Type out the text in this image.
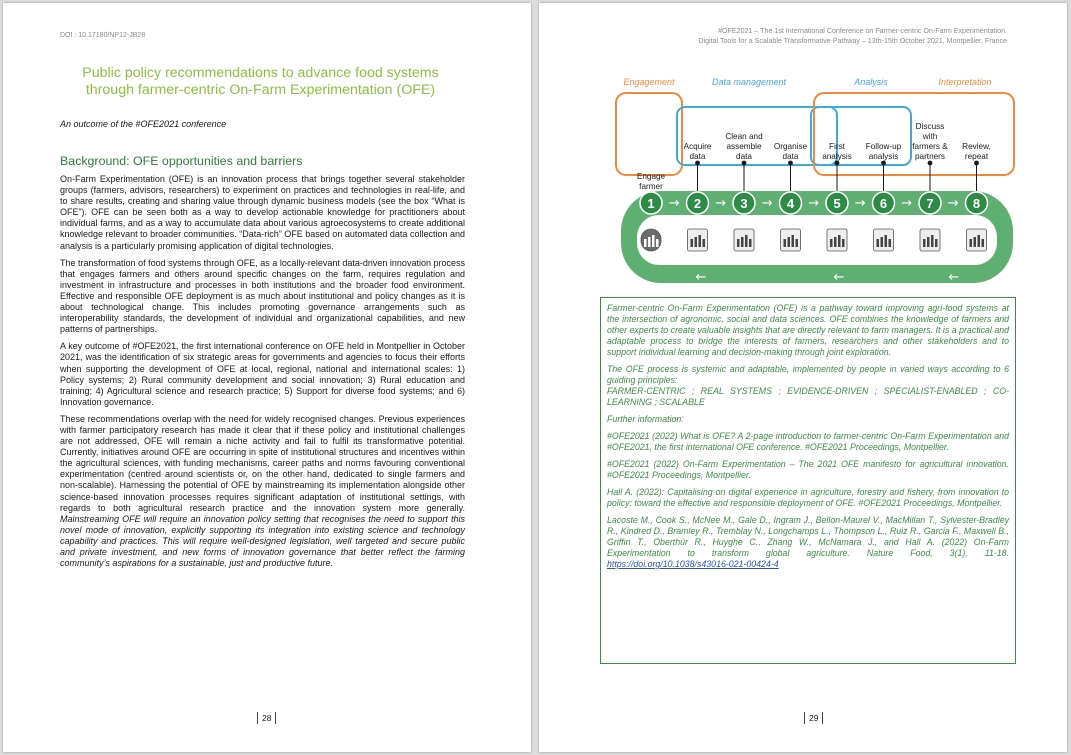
DOI : 10.17180/NP12-JB28
Public policy recommendations to advance food systems
through farmer-centric On-Farm Experimentation (OFE)
An outcome of the #OFE2021 conference
Background: OFE opportunities and barriers

On-Farm Experimentation (OFE) is an innovation process that brings together several stakeholder groups (farmers, advisors, researchers) to experiment on practices and technologies in real-life, and to share results, creating and sharing value through dynamic business models (see the box “What is OFE”). OFE can be seen both as a way to develop actionable knowledge for practitioners about individual farms, and as a way to accumulate data about various agroecosystems to create additional knowledge relevant to broader communities. “Data-rich” OFE based on automated data collection and analysis is a particularly promising application of digital technologies.

The transformation of food systems through OFE, as a locally-relevant data-driven innovation process that engages farmers and others around specific changes on the farm, requires regulation and investment in infrastructure and processes in both institutions and the broader food environment. Effective and responsible OFE deployment is as much about institutional and policy changes as it is about technological change. This includes promoting governance arrangements such as interoperability standards, the development of individual and organizational capabilities, and new patterns of partnerships.

A key outcome of #OFE2021, the first international conference on OFE held in Montpellier in October 2021, was the identification of six strategic areas for governments and agencies to focus their efforts when supporting the development of OFE at local, regional, national and international scales: 1) Policy systems; 2) Rural community development and social innovation; 3) Rural education and training; 4) Agricultural science and research practice; 5) Support for diverse food systems; and 6) Innovation governance.

These recommendations overlap with the need for widely recognised changes. Previous experiences with farmer participatory research has made it clear that if these policy and institutional challenges are not addressed, OFE will remain a niche activity and fail to fulfil its transformative potential. Currently, initiatives around OFE are occurring in spite of institutional structures and incentives within the agricultural sciences, with funding mechanisms, career paths and norms favouring conventional experimentation (centred around scientists or, on the other hand, dedicated to single farmers and non-scalable). Harnessing the potential of OFE by mainstreaming its implementation alongside other science-based innovation processes requires significant adaptation of institutional settings, with regards to both agricultural research practice and the innovation system more generally. Mainstreaming OFE will require an innovation policy setting that recognises the need to support this novel mode of innovation, explicitly supporting its integration into existing science and technology capability and practices. This will require well-designed legislation, well targeted and secure public and private investment, and new forms of innovation governance that better reflect the farming community’s aspirations for a sustainable, just and productive future.

28
#OFE2021 – The 1st International Conference on Farmer-centric On-Farm Experimentation.
Digital Tools for a Scalable Transformative Pathway – 13th-15th October 2021, Montpellier, France
Engagement	Data management	Analysis	Interpretation
←	←	←
Engage farmer
→
1
Acquire data
→
2
Clean and assemble data
→
3
Organise data
→
4
First analysis
→
5
Follow-up analysis
→
6
Discuss with farmers & partners
→
7
Review, repeat
8

Farmer-centric On-Farm Experimentation (OFE) is a pathway toward improving agri-food systems at the intersection of agronomic, social and data sciences. OFE combines the knowledge of farmers and other experts to create valuable insights that are directly relevant to farm managers. It is a practical and adaptable process to bridge the interests of farmers, researchers and other stakeholders and to support individual learning and decision-making through joint exploration.

The OFE process is systemic and adaptable, implemented by people in varied ways according to 6 guiding principles:
FARMER-CENTRIC ; REAL SYSTEMS ; EVIDENCE-DRIVEN ; SPECIALIST-ENABLED ; CO-LEARNING ; SCALABLE

Further information:

#OFE2021 (2022) What is OFE? A 2-page introduction to farmer-centric On-Farm Experimentation and #OFE2021, the first international OFE conference. #OFE2021 Proceedings, Montpellier.

#OFE2021 (2022) On-Farm Experimentation – The 2021 OFE manifesto for agricultural innovation. #OFE2021 Proceedings, Montpellier.

Hall A. (2022): Capitalising on digital experience in agriculture, forestry and fishery, from innovation to policy: toward the effective and responsible deployment of OFE. #OFE2021 Proceedings, Montpellier.

Lacoste M., Cook S., McNee M., Gale D., Ingram J., Bellon-Maurel V., MacMillan T., Sylvester-Bradley R., Kindred D., Bramley R., Tremblay N., Longchamps L., Thompson L., Ruiz R., Garcia F., Maxwell B., Griffin T., Oberthür R., Huyghe C., Zhang W., McNamara J., and Hall A. (2022) On-Farm Experimentation to transform global agriculture. Nature Food, 3(1), 11-18. https://doi.org/10.1038/s43016-021-00424-4

29
